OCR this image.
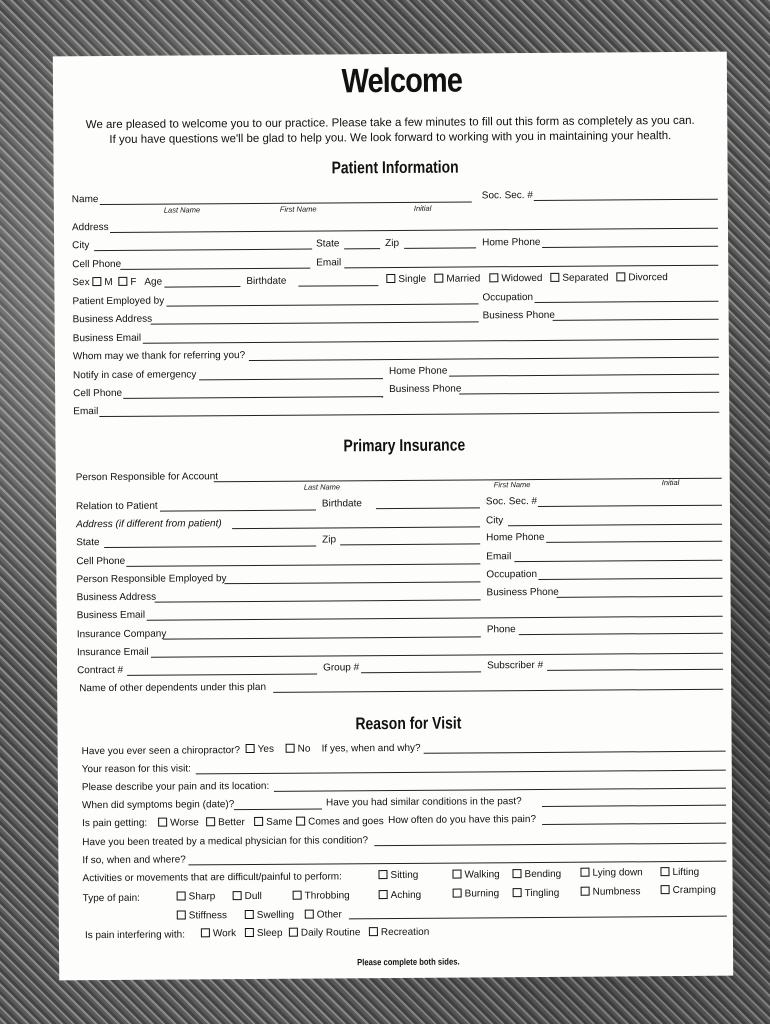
Welcome
We are pleased to welcome you to our practice. Please take a few minutes to fill out this form as completely as you can.
If you have questions we'll be glad to help you. We look forward to working with you in maintaining your health.
Patient Information
Name
Last Name	First Name	Initial
Soc. Sec. #
Address
City	State	Zip	Home Phone
Cell Phone	Email
Sex	M	F Age	Birthdate	Single	Married	Widowed	Separated	Divorced
Patient Employed by	Occupation
Business Address	Business Phone
Business Email
Whom may we thank for referring you?
Notify in case of emergency	Home Phone
Cell Phone	Business Phone
Email
Primary Insurance
Person Responsible for Account
Last Name	First Name	Initial
Relation to Patient	Birthdate	Soc. Sec. #
Address (if different from patient)	City
State	Zip	Home Phone
Cell Phone	Email
Person Responsible Employed by	Occupation
Business Address	Business Phone
Business Email
Insurance Company	Phone
Insurance Email
Contract #	Group #	Subscriber #
Name of other dependents under this plan
Reason for Visit
Have you ever seen a chiropractor?	Yes	No If yes, when and why?
Your reason for this visit:
Please describe your pain and its location:
When did symptoms begin (date)?	Have you had similar conditions in the past?
Is pain getting:	Worse	Better	Same	Comes and goes How often do you have this pain?
Have you been treated by a medical physician for this condition?
If so, when and where?
Activities or movements that are difficult/painful to perform:	Sitting	Walking	Bending	Lying down	Lifting
Type of pain:	Sharp	Dull	Throbbing	Aching	Burning	Tingling	Numbness	Cramping
Stiffness	Swelling	Other
Is pain interfering with:	Work	Sleep	Daily Routine	Recreation
Please complete both sides.
